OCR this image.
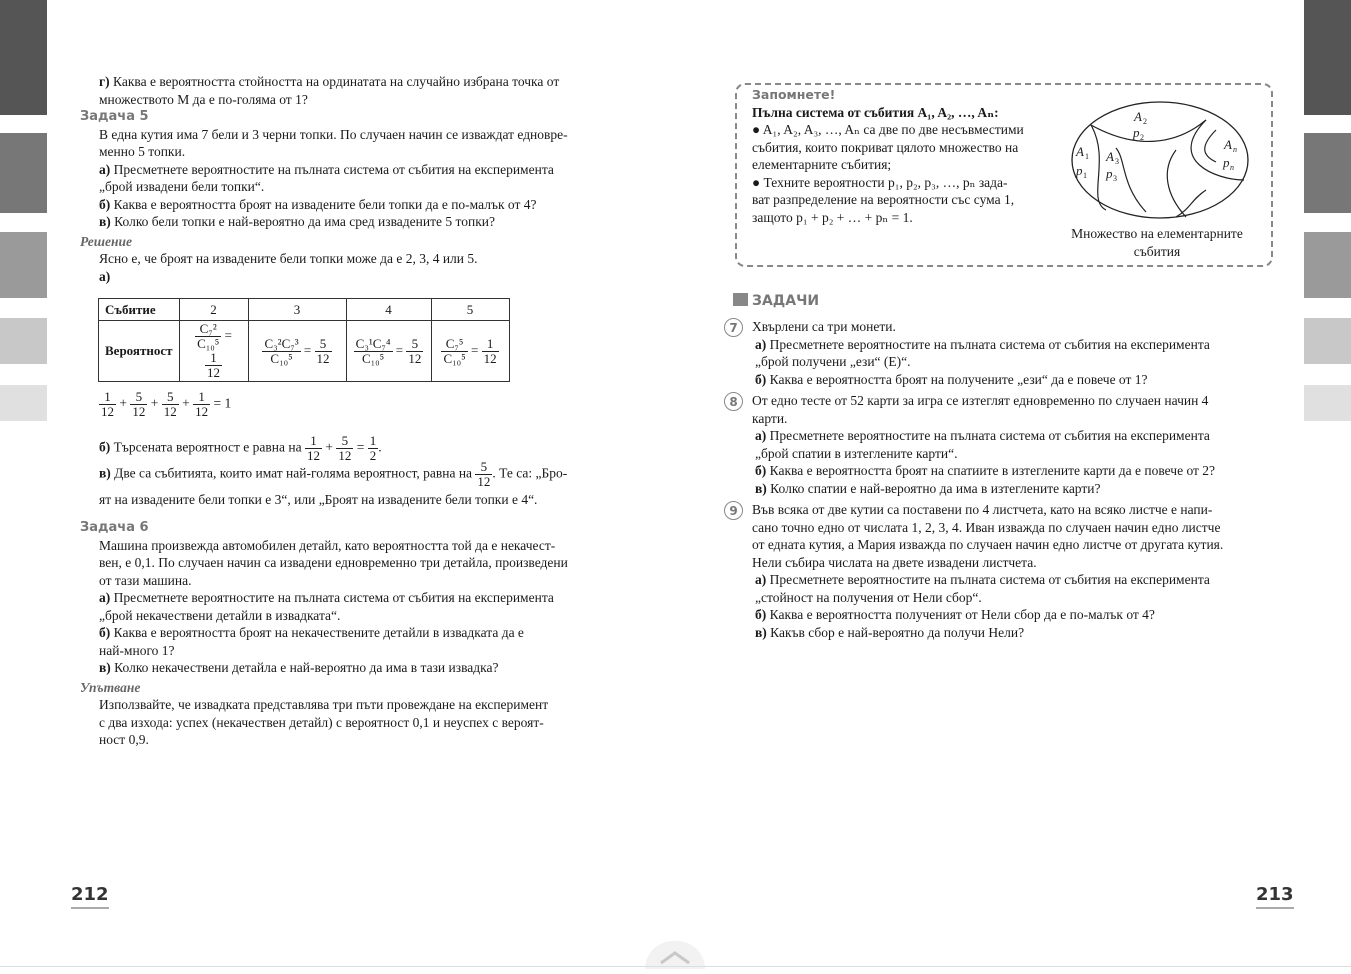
г) Каква е вероятността стойността на ординатата на случайно избрана точка от

множеството M да е по-голяма от 1?

Задача 5

В една кутия има 7 бели и 3 черни топки. По случаен начин се изваждат едновре-

менно 5 топки.

а) Пресметнете вероятностите на пълната система от събития на експеримента

„брой извадени бели топки“.

б) Каква е вероятността броят на извадените бели топки да е по-малък от 4?

в) Колко бели топки е най-вероятно да има сред извадените 5 топки?

Решение

Ясно е, че броят на извадените бели топки може да е 2, 3, 4 или 5.

а)

Събитие	2	3	4	5
Вероятност	$\frac{\text{C₇²}}{\text{C₁₀⁵}}$ =
$\frac{1}{12}$	$\frac{\text{C₃²C₇³}}{\text{C₁₀⁵}} = \frac{5}{12}$	$\frac{\text{C₃¹C₇⁴}}{\text{C₁₀⁵}} = \frac{5}{12}$	$\frac{\text{C₇⁵}}{\text{C₁₀⁵}} = \frac{1}{12}$
$\frac{1}{12} + \frac{5}{12} + \frac{5}{12} + \frac{1}{12} = 1$
б) Търсената вероятност е равна на $\frac{1}{12} + \frac{5}{12} = \frac{1}{2}$ .
в) Две са събитията, които имат най-голяма вероятност, равна на $\frac{5}{12}$ . Те са: „Бро-
ят на извадените бели топки е 3“, или „Броят на извадените бели топки е 4“.

Задача 6

Машина произвежда автомобилен детайл, като вероятността той да е некачест-

вен, е 0,1. По случаен начин са извадени едновременно три детайла, произведени

от тази машина.

а) Пресметнете вероятностите на пълната система от събития на експеримента

„брой некачествени детайли в извадката“.

б) Каква е вероятността броят на некачествените детайли в извадката да е

най-много 1?

в) Колко некачествени детайла е най-вероятно да има в тази извадка?

Упътване

Използвайте, че извадката представлява три пъти провеждане на експеримент

с два изхода: успех (некачествен детайл) с вероятност 0,1 и неуспех с вероят-

ност 0,9.

212

Запомнете!

Пълна система от събития A₁, A₂, …, Aₙ:

● A₁, A₂, A₃, …, Aₙ са две по две несъвместими

събития, които покриват цялото множество на

елементарните събития;

● Техните вероятности p₁, p₂, p₃, …, pₙ зада-

ват разпределение на вероятности със сума 1,

защото p₁ + p₂ + … + pₙ = 1.

A 1
p 1
A 2
p 2
A 3
p 3
A n
p n
Множество на елементарните
събития
ЗАДАЧИ
7	Хвърлени са три монети.

а) Пресметнете вероятностите на пълната система от събития на експеримента

„брой получени „ези“ (Е)“.

б) Каква е вероятността броят на получените „ези“ да е повече от 1?

8	От едно тесте от 52 карти за игра се изтеглят едновременно по случаен начин 4

карти.

а) Пресметнете вероятностите на пълната система от събития на експеримента

„брой спатии в изтеглените карти“.

б) Каква е вероятността броят на спатиите в изтеглените карти да е повече от 2?

в) Колко спатии е най-вероятно да има в изтеглените карти?

9	Във всяка от две кутии са поставени по 4 листчета, като на всяко листче е напи-

сано точно едно от числата 1, 2, 3, 4. Иван изважда по случаен начин едно листче

от едната кутия, а Мария изважда по случаен начин едно листче от другата кутия.

Нели събира числата на двете извадени листчета.

а) Пресметнете вероятностите на пълната система от събития на експеримента

„стойност на получения от Нели сбор“.

б) Каква е вероятността полученият от Нели сбор да е по-малък от 4?

в) Какъв сбор е най-вероятно да получи Нели?

213
